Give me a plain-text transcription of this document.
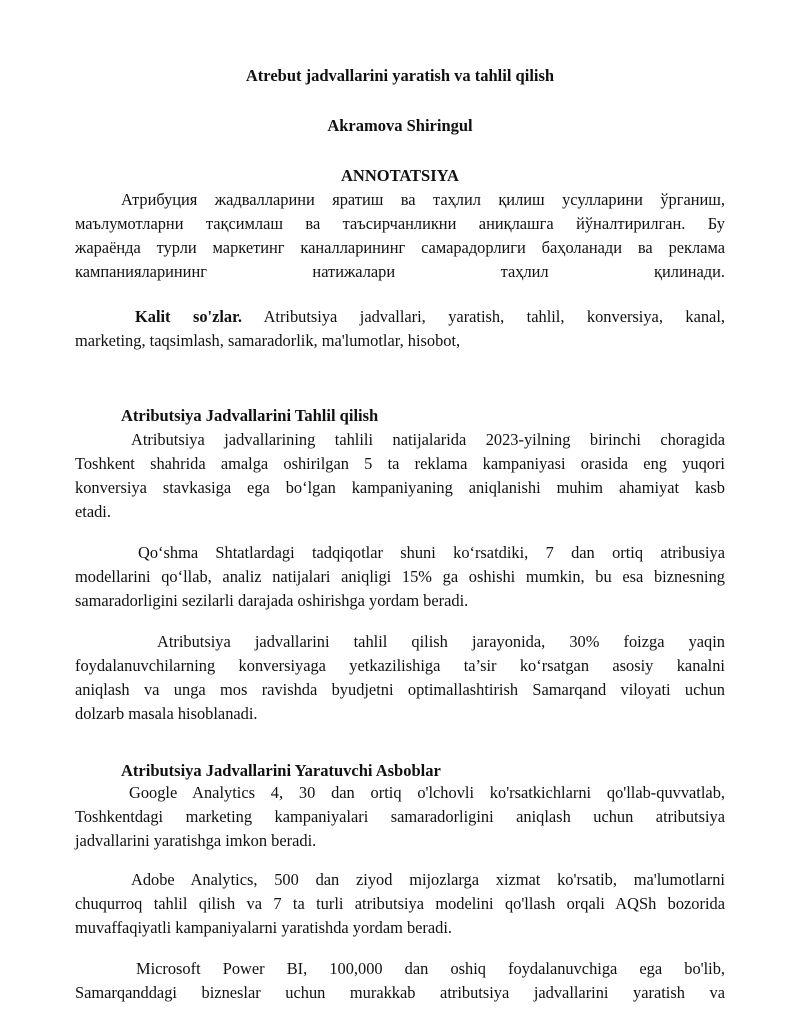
Atrebut jadvallarini yaratish va tahlil qilish
Akramova Shiringul
ANNOTATSIYA
Атрибуция жадвалларини яратиш ва таҳлил қилиш усулларини ўрганиш,
маълумотларни тақсимлаш ва таъсирчанликни аниқлашга йўналтирилган. Бу
жараёнда турли маркетинг каналларининг самарадорлиги баҳоланади ва реклама
кампанияларининг натижалари таҳлил қилинади.
Kalit so'zlar. Atributsiya jadvallari, yaratish, tahlil, konversiya, kanal,
marketing, taqsimlash, samaradorlik, ma'lumotlar, hisobot,
Atributsiya Jadvallarini Tahlil qilish
Atributsiya jadvallarining tahlili natijalarida 2023-yilning birinchi choragida
Toshkent shahrida amalga oshirilgan 5 ta reklama kampaniyasi orasida eng yuqori
konversiya stavkasiga ega bo‘lgan kampaniyaning aniqlanishi muhim ahamiyat kasb
etadi.
Qo‘shma Shtatlardagi tadqiqotlar shuni ko‘rsatdiki, 7 dan ortiq atribusiya
modellarini qo‘llab, analiz natijalari aniqligi 15% ga oshishi mumkin, bu esa biznesning
samaradorligini sezilarli darajada oshirishga yordam beradi.
Atributsiya jadvallarini tahlil qilish jarayonida, 30% foizga yaqin
foydalanuvchilarning konversiyaga yetkazilishiga ta’sir ko‘rsatgan asosiy kanalni
aniqlash va unga mos ravishda byudjetni optimallashtirish Samarqand viloyati uchun
dolzarb masala hisoblanadi.
Atributsiya Jadvallarini Yaratuvchi Asboblar
Google Analytics 4, 30 dan ortiq o'lchovli ko'rsatkichlarni qo'llab-quvvatlab,
Toshkentdagi marketing kampaniyalari samaradorligini aniqlash uchun atributsiya
jadvallarini yaratishga imkon beradi.
Adobe Analytics, 500 dan ziyod mijozlarga xizmat ko'rsatib, ma'lumotlarni
chuqurroq tahlil qilish va 7 ta turli atributsiya modelini qo'llash orqali AQSh bozorida
muvaffaqiyatli kampaniyalarni yaratishda yordam beradi.
Microsoft Power BI, 100,000 dan oshiq foydalanuvchiga ega bo'lib,
Samarqanddagi bizneslar uchun murakkab atributsiya jadvallarini yaratish va
